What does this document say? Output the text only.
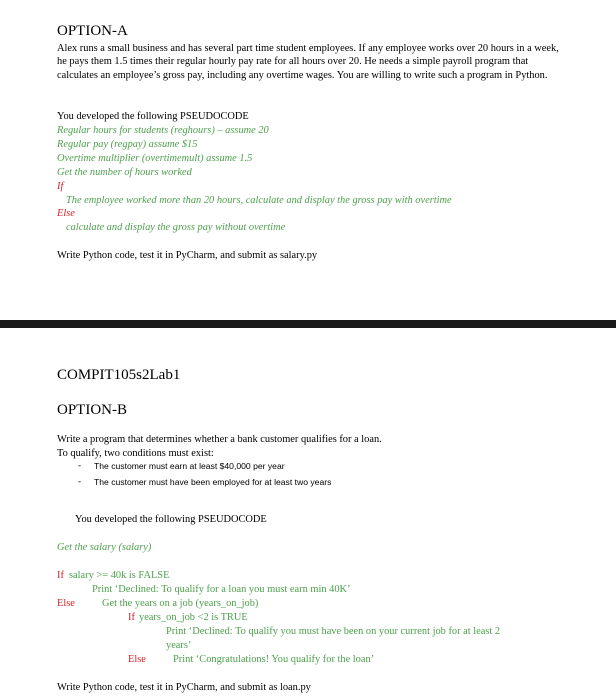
OPTION-A
Alex runs a small business and has several part time student employees. If any employee works over 20 hours in a week, he pays them 1.5 times their regular hourly pay rate for all hours over 20. He needs a simple payroll program that calculates an employee’s gross pay, including any overtime wages. You are willing to write such a program in Python.
You developed the following PSEUDOCODE
Regular hours for students (reghours) – assume 20
Regular pay (regpay) assume $15
Overtime multiplier (overtimemult) assume 1.5
Get the number of hours worked
If
The employee worked more than 20 hours, calculate and display the gross pay with overtime
Else
calculate and display the gross pay without overtime
Write Python code, test it in PyCharm, and submit as salary.py
COMPIT105s2Lab1
OPTION-B
Write a program that determines whether a bank customer qualifies for a loan.
To qualify, two conditions must exist:
- The customer must earn at least $40,000 per year
- The customer must have been employed for at least two years
You developed the following PSEUDOCODE
Get the salary (salary)
If salary >= 40k is FALSE
Print ‘Declined: To qualify for a loan you must earn min 40K’
Else	Get the years on a job (years_on_job)
If years_on_job <2 is TRUE
Print ‘Declined: To qualify you must have been on your current job for at least 2
years’
Else	Print ‘Congratulations! You qualify for the loan’
Write Python code, test it in PyCharm, and submit as loan.py
